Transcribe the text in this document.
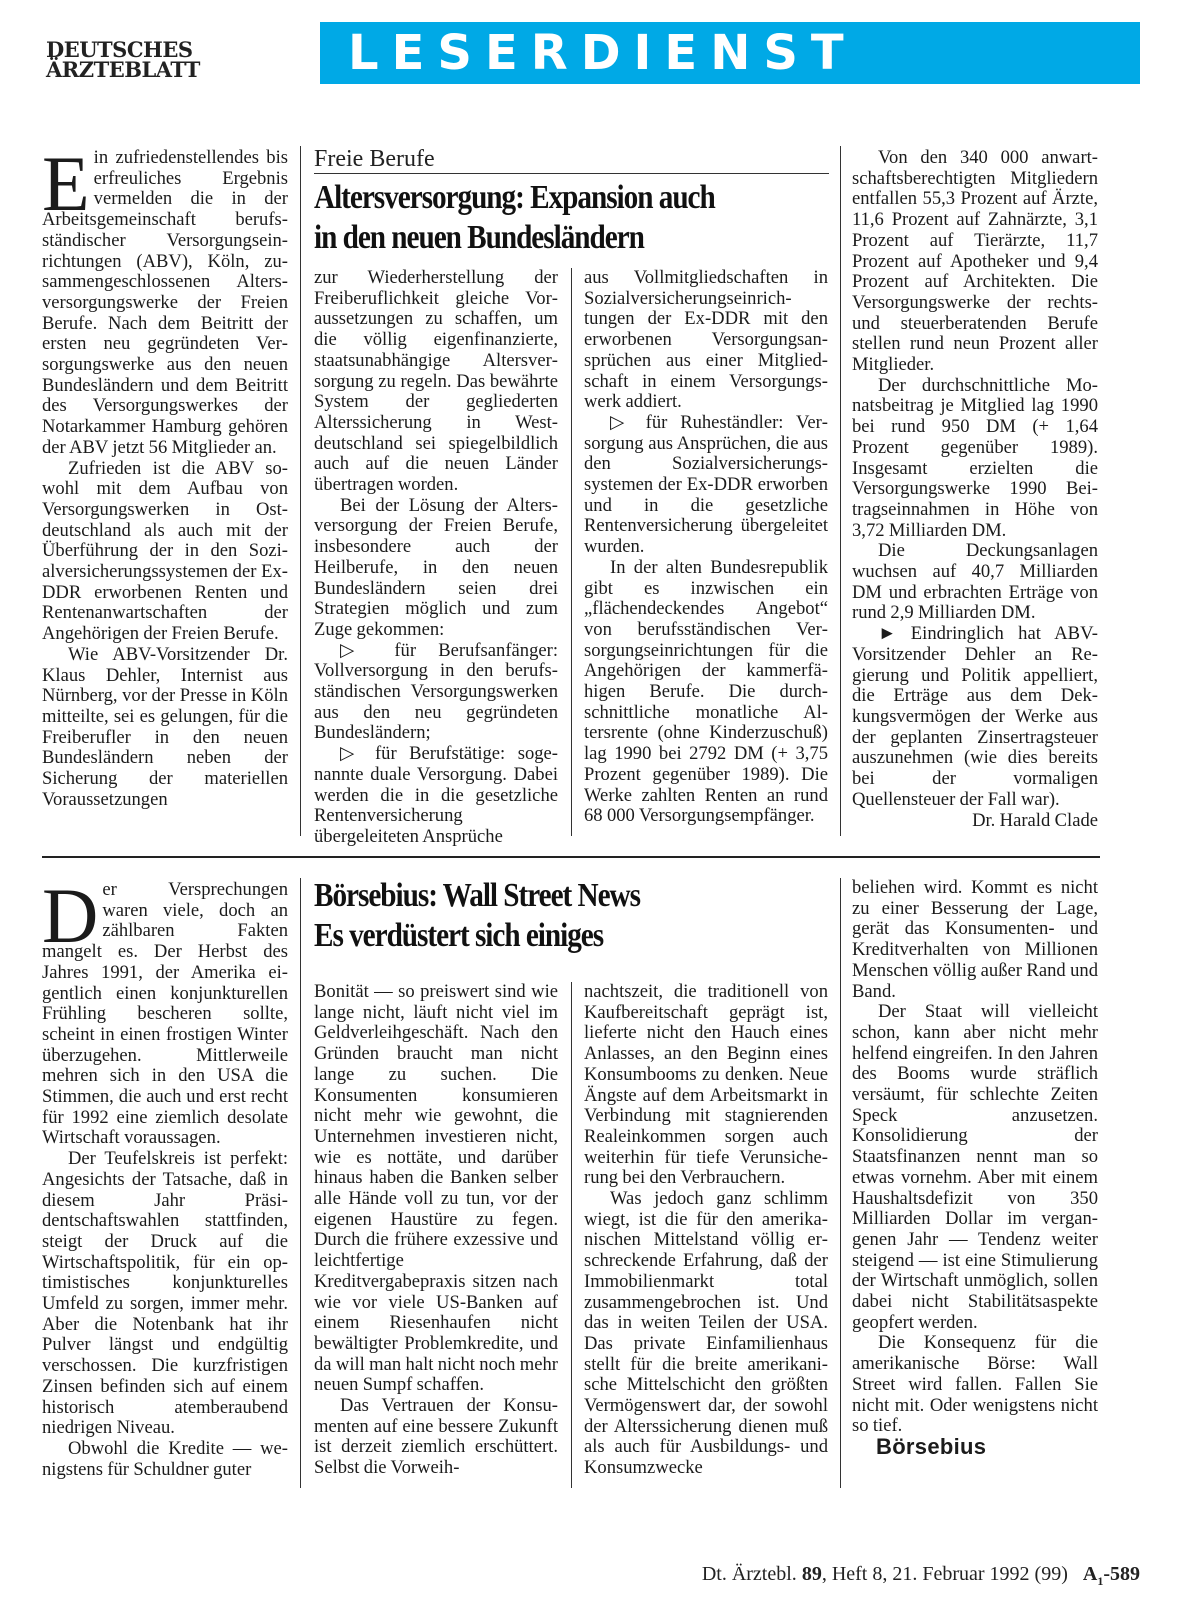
DEUTSCHES
ÄRZTEBLATT	LESERDIENST

Ein zufriedenstellendes bis erfreuliches Ergebnis vermelden die in der Arbeitsgemeinschaft berufsständischer Versorgungseinrichtungen (ABV), Köln, zusammengeschlossenen Altersversorgungswerke der Freien Berufe. Nach dem Beitritt der ersten neu gegründeten Versorgungswerke aus den neuen Bundesländern und dem Beitritt des Versorgungswerkes der Notarkammer Hamburg gehören der ABV jetzt 56 Mitglieder an.

Zufrieden ist die ABV sowohl mit dem Aufbau von Versorgungswerken in Ostdeutschland als auch mit der Überführung der in den Sozialversicherungssystemen der Ex-DDR erworbenen Renten und Rentenanwartschaften der Angehörigen der Freien Berufe.

Wie ABV-Vorsitzender Dr. Klaus Dehler, Internist aus Nürnberg, vor der Presse in Köln mitteilte, sei es gelungen, für die Freiberufler in den neuen Bundesländern neben der Sicherung der materiellen Voraussetzungen

Freie Berufe
Altersversorgung: Expansion auch
in den neuen Bundesländern

zur Wiederherstellung der Freiberuflichkeit gleiche Voraussetzungen zu schaffen, um die völlig eigenfinanzierte, staatsunabhängige Altersversorgung zu regeln. Das bewährte System der gegliederten Alterssicherung in Westdeutschland sei spiegelbildlich auch auf die neuen Länder übertragen worden.

Bei der Lösung der Altersversorgung der Freien Berufe, insbesondere auch der Heilberufe, in den neuen Bundesländern seien drei Strategien möglich und zum Zuge gekommen:

▷ für Berufsanfänger: Vollversorgung in den berufsständischen Versorgungswerken aus den neu gegründeten Bundesländern;

▷ für Berufstätige: sogenannte duale Versorgung. Dabei werden die in die gesetzliche Rentenversicherung übergeleiteten Ansprüche

aus Vollmitgliedschaften in Sozialversicherungseinrichtungen der Ex-DDR mit den erworbenen Versorgungsansprüchen aus einer Mitgliedschaft in einem Versorgungswerk addiert.

▷ für Ruheständler: Versorgung aus Ansprüchen, die aus den Sozialversicherungssystemen der Ex-DDR erworben und in die gesetzliche Rentenversicherung übergeleitet wurden.

In der alten Bundesrepublik gibt es inzwischen ein „flächendeckendes Angebot“ von berufsständischen Versorgungseinrichtungen für die Angehörigen der kammerfähigen Berufe. Die durchschnittliche monatliche Altersrente (ohne Kinderzuschuß) lag 1990 bei 2792 DM (+ 3,75 Prozent gegenüber 1989). Die Werke zahlten Renten an rund 68 000 Versorgungsempfänger.

Von den 340 000 anwartschaftsberechtigten Mitgliedern entfallen 55,3 Prozent auf Ärzte, 11,6 Prozent auf Zahnärzte, 3,1 Prozent auf Tierärzte, 11,7 Prozent auf Apotheker und 9,4 Prozent auf Architekten. Die Versorgungswerke der rechts- und steuerberatenden Berufe stellen rund neun Prozent aller Mitglieder.

Der durchschnittliche Monatsbeitrag je Mitglied lag 1990 bei rund 950 DM (+ 1,64 Prozent gegenüber 1989). Insgesamt erzielten die Versorgungswerke 1990 Beitragseinnahmen in Höhe von 3,72 Milliarden DM.

Die Deckungsanlagen wuchsen auf 40,7 Milliarden DM und erbrachten Erträge von rund 2,9 Milliarden DM.

► Eindringlich hat ABV-Vorsitzender Dehler an Regierung und Politik appelliert, die Erträge aus dem Dekkungsvermögen der Werke aus der geplanten Zinsertragsteuer auszunehmen (wie dies bereits bei der vormaligen Quellensteuer der Fall war).

Dr. Harald Clade

Der Versprechungen waren viele, doch an zählbaren Fakten mangelt es. Der Herbst des Jahres 1991, der Amerika eigentlich einen konjunkturellen Frühling bescheren sollte, scheint in einen frostigen Winter überzugehen. Mittlerweile mehren sich in den USA die Stimmen, die auch und erst recht für 1992 eine ziemlich desolate Wirtschaft voraussagen.

Der Teufelskreis ist perfekt: Angesichts der Tatsache, daß in diesem Jahr Präsidentschaftswahlen stattfinden, steigt der Druck auf die Wirtschaftspolitik, für ein optimistisches konjunkturelles Umfeld zu sorgen, immer mehr. Aber die Notenbank hat ihr Pulver längst und endgültig verschossen. Die kurzfristigen Zinsen befinden sich auf einem historisch atemberaubend niedrigen Niveau.

Obwohl die Kredite — wenigstens für Schuldner guter

Börsebius: Wall Street News
Es verdüstert sich einiges

Bonität — so preiswert sind wie lange nicht, läuft nicht viel im Geldverleihgeschäft. Nach den Gründen braucht man nicht lange zu suchen. Die Konsumenten konsumieren nicht mehr wie gewohnt, die Unternehmen investieren nicht, wie es nottäte, und darüber hinaus haben die Banken selber alle Hände voll zu tun, vor der eigenen Haustüre zu fegen. Durch die frühere exzessive und leichtfertige Kreditvergabepraxis sitzen nach wie vor viele US-Banken auf einem Riesenhaufen nicht bewältigter Problemkredite, und da will man halt nicht noch mehr neuen Sumpf schaffen.

Das Vertrauen der Konsumenten auf eine bessere Zukunft ist derzeit ziemlich erschüttert. Selbst die Vorweih-

nachtszeit, die traditionell von Kaufbereitschaft geprägt ist, lieferte nicht den Hauch eines Anlasses, an den Beginn eines Konsumbooms zu denken. Neue Ängste auf dem Arbeitsmarkt in Verbindung mit stagnierenden Realeinkommen sorgen auch weiterhin für tiefe Verunsicherung bei den Verbrauchern.

Was jedoch ganz schlimm wiegt, ist die für den amerikanischen Mittelstand völlig erschreckende Erfahrung, daß der Immobilienmarkt total zusammengebrochen ist. Und das in weiten Teilen der USA. Das private Einfamilienhaus stellt für die breite amerikanische Mittelschicht den größten Vermögenswert dar, der sowohl der Alterssicherung dienen muß als auch für Ausbildungs- und Konsumzwecke

beliehen wird. Kommt es nicht zu einer Besserung der Lage, gerät das Konsumenten- und Kreditverhalten von Millionen Menschen völlig außer Rand und Band.

Der Staat will vielleicht schon, kann aber nicht mehr helfend eingreifen. In den Jahren des Booms wurde sträflich versäumt, für schlechte Zeiten Speck anzusetzen. Konsolidierung der Staatsfinanzen nennt man so etwas vornehm. Aber mit einem Haushaltsdefizit von 350 Milliarden Dollar im vergangenen Jahr — Tendenz weiter steigend — ist eine Stimulierung der Wirtschaft unmöglich, sollen dabei nicht Stabilitätsaspekte geopfert werden.

Die Konsequenz für die amerikanische Börse: Wall Street wird fallen. Fallen Sie nicht mit. Oder wenigstens nicht so tief.

Börsebius

Dt. Ärztebl. 89, Heft 8, 21. Februar 1992 (99) $A_1-589$
